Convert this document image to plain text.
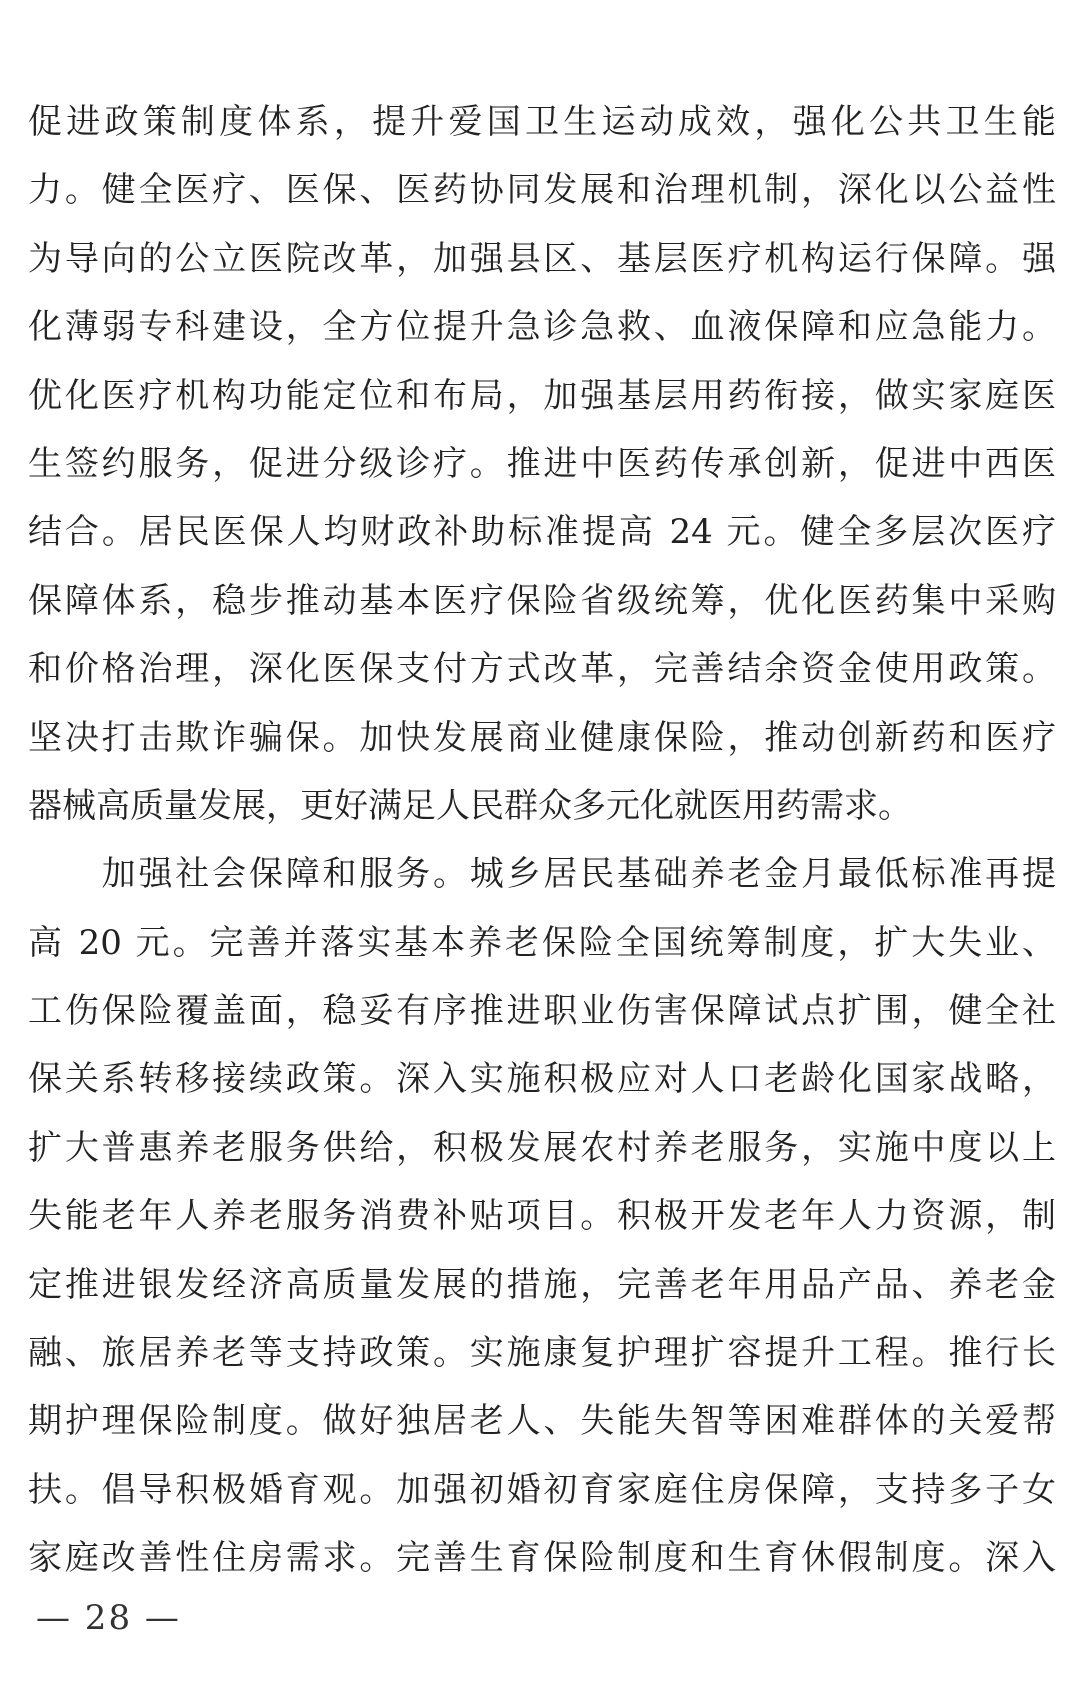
促进政策制度体系，提升爱国卫生运动成效，强化公共卫生能
力。健全医疗、医保、医药协同发展和治理机制，深化以公益性
为导向的公立医院改革，加强县区、基层医疗机构运行保障。强
化薄弱专科建设，全方位提升急诊急救、血液保障和应急能力。
优化医疗机构功能定位和布局，加强基层用药衔接，做实家庭医
生签约服务，促进分级诊疗。推进中医药传承创新，促进中西医
结合。居民医保人均财政补助标准提高 24 元。健全多层次医疗
保障体系，稳步推动基本医疗保险省级统筹，优化医药集中采购
和价格治理，深化医保支付方式改革，完善结余资金使用政策。
坚决打击欺诈骗保。加快发展商业健康保险，推动创新药和医疗
器械高质量发展，更好满足人民群众多元化就医用药需求。
　　加强社会保障和服务。城乡居民基础养老金月最低标准再提
高 20 元。完善并落实基本养老保险全国统筹制度，扩大失业、
工伤保险覆盖面，稳妥有序推进职业伤害保障试点扩围，健全社
保关系转移接续政策。深入实施积极应对人口老龄化国家战略，
扩大普惠养老服务供给，积极发展农村养老服务，实施中度以上
失能老年人养老服务消费补贴项目。积极开发老年人力资源，制
定推进银发经济高质量发展的措施，完善老年用品产品、养老金
融、旅居养老等支持政策。实施康复护理扩容提升工程。推行长
期护理保险制度。做好独居老人、失能失智等困难群体的关爱帮
扶。倡导积极婚育观。加强初婚初育家庭住房保障，支持多子女
家庭改善性住房需求。完善生育保险制度和生育休假制度。深入
— 28 —
